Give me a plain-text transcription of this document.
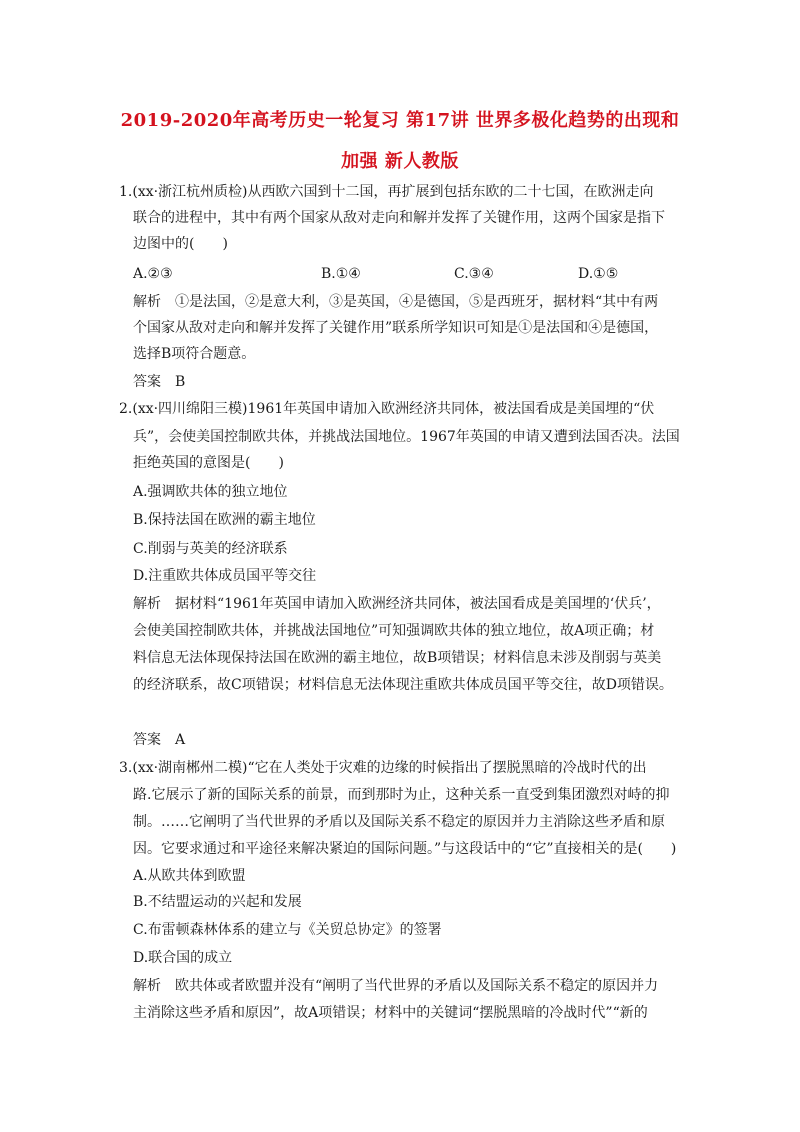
2019-2020年高考历史一轮复习 第17讲 世界多极化趋势的出现和
加强 新人教版
1.(xx·浙江杭州质检)从西欧六国到十二国，再扩展到包括东欧的二十七国，在欧洲走向
联合的进程中，其中有两个国家从敌对走向和解并发挥了关键作用，这两个国家是指下
边图中的(　　)
A.②③	B.①④	C.③④	D.①⑤
解析　①是法国，②是意大利，③是英国，④是德国，⑤是西班牙，据材料“其中有两
个国家从敌对走向和解并发挥了关键作用”联系所学知识可知是①是法国和④是德国，
选择B项符合题意。
答案　B
2.(xx·四川绵阳三模)1961年英国申请加入欧洲经济共同体，被法国看成是美国埋的“伏
兵”，会使美国控制欧共体，并挑战法国地位。1967年英国的申请又遭到法国否决。法国
拒绝英国的意图是(　　)
A.强调欧共体的独立地位
B.保持法国在欧洲的霸主地位
C.削弱与英美的经济联系
D.注重欧共体成员国平等交往
解析　据材料“1961年英国申请加入欧洲经济共同体，被法国看成是美国埋的‘伏兵’，
会使美国控制欧共体，并挑战法国地位”可知强调欧共体的独立地位，故A项正确；材
料信息无法体现保持法国在欧洲的霸主地位，故B项错误；材料信息未涉及削弱与英美
的经济联系，故C项错误；材料信息无法体现注重欧共体成员国平等交往，故D项错误。
答案　A
3.(xx·湖南郴州二模)“它在人类处于灾难的边缘的时候指出了摆脱黑暗的冷战时代的出
路.它展示了新的国际关系的前景，而到那时为止，这种关系一直受到集团激烈对峙的抑
制。……它阐明了当代世界的矛盾以及国际关系不稳定的原因并力主消除这些矛盾和原
因。它要求通过和平途径来解决紧迫的国际问题。”与这段话中的“它”直接相关的是(　　)
A.从欧共体到欧盟
B.不结盟运动的兴起和发展
C.布雷顿森林体系的建立与《关贸总协定》的签署
D.联合国的成立
解析　欧共体或者欧盟并没有“阐明了当代世界的矛盾以及国际关系不稳定的原因并力
主消除这些矛盾和原因”，故A项错误；材料中的关键词“摆脱黑暗的冷战时代”“新的
